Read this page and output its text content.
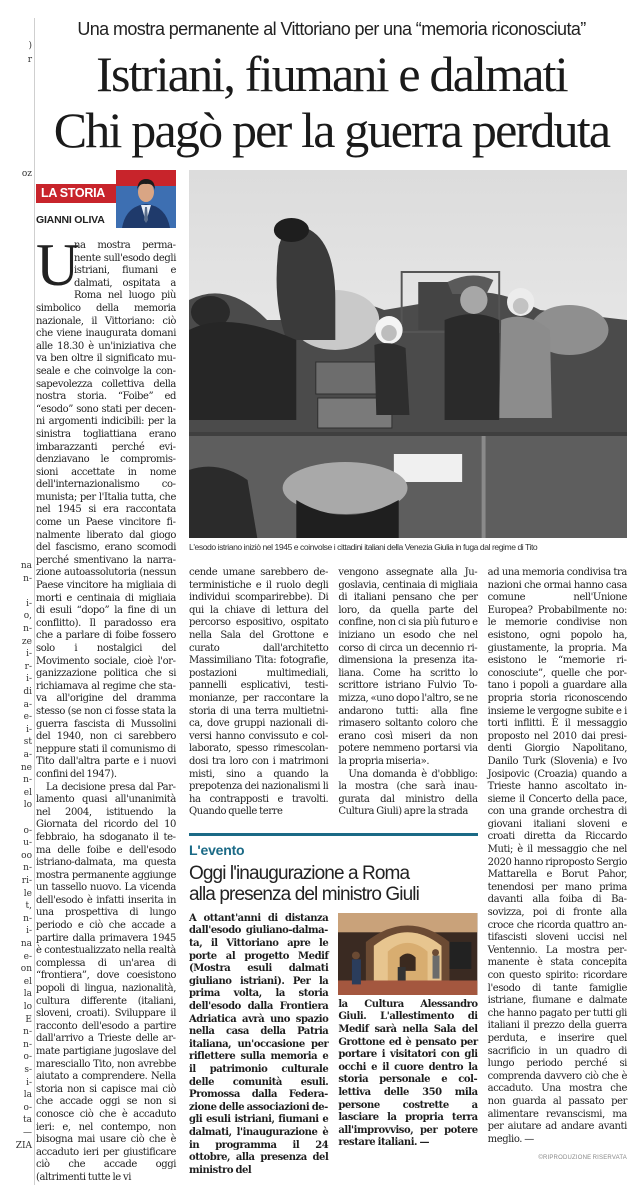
)
r
oz
na
n-
i-
o,
n-
ze
i-
r-
i-
di
a-
e-
i-
st
a-
ne
n-
el
lo
o-
u-
oo
n-
ri-
le
t,
n-
i-
na
e-
on
el
la
lo
E
n-
n-
o-
s-
i-
la
o-
ta
—
ZIA
Una mostra permanente al Vittoriano per una “memoria riconosciuta”
Istriani, fiumani e dalmati
Chi pagò per la guerra perduta
LA STORIA
GIANNI OLIVA
U

na mostra permanente sull'esodo degli istriani, fiumani e dalmati, ospitata a Roma nel luogo più simbolico della memoria nazionale, il Vittoriano: ciò che viene inaugurata domani alle 18.30 è un'iniziativa che va ben oltre il significato museale e che coinvolge la consapevolezza collettiva della nostra storia. “Foibe” ed “esodo” sono stati per decenni argomenti indicibili: per la sinistra togliattiana erano imbarazzanti perché evidenziavano le compromissioni accettate in nome dell'internazionalismo comunista; per l'Italia tutta, che nel 1945 si era raccontata come un Paese vincitore finalmente liberato dal giogo del fascismo, erano scomodi perché smentivano la narrazione autoassolutoria (nessun Paese vincitore ha migliaia di morti e centinaia di migliaia di esuli “dopo” la fine di un conflitto). Il paradosso era che a parlare di foibe fossero solo i nostalgici del Movimento sociale, cioè l'organizzazione politica che si richiamava al regime che stava all'origine del dramma stesso (se non ci fosse stata la guerra fascista di Mussolini del 1940, non ci sarebbero neppure stati il comunismo di Tito dall'altra parte e i nuovi confini del 1947).

La decisione presa dal Parlamento quasi all'unanimità nel 2004, istituendo la Giornata del ricordo del 10 febbraio, ha sdoganato il tema delle foibe e dell'esodo istriano-dalmata, ma questa mostra permanente aggiunge un tassello nuovo. La vicenda dell'esodo è infatti inserita in una prospettiva di lungo periodo e ciò che accade a partire dalla primavera 1945 è contestualizzato nella realtà complessa di un'area di “frontiera”, dove coesistono popoli di lingua, nazionalità, cultura differente (italiani, sloveni, croati). Sviluppare il racconto dell'esodo a partire dall'arrivo a Trieste delle armate partigiane jugoslave del maresciallo Tito, non avrebbe aiutato a comprendere. Nella storia non si capisce mai ciò che accade oggi se non si conosce ciò che è accaduto ieri: e, nel contempo, non bisogna mai usare ciò che è accaduto ieri per giustificare ciò che accade oggi (altrimenti tutte le vi

L'esodo istriano iniziò nel 1945 e coinvolse i cittadini italiani della Venezia Giulia in fuga dal regime di Tito

cende umane sarebbero deterministiche e il ruolo degli individui scomparirebbe). Di qui la chiave di lettura del percorso espositivo, ospitato nella Sala del Grottone e curato dall'architetto Massimiliano Tita: fotografie, postazioni multimediali, pannelli esplicativi, testimonianze, per raccontare la storia di una terra multietnica, dove gruppi nazionali diversi hanno convissuto e collaborato, spesso rimescolandosi tra loro con i matrimoni misti, sino a quando la prepotenza dei nazionalismi li ha contrapposti e travolti. Quando quelle terre

vengono assegnate alla Jugoslavia, centinaia di migliaia di italiani pensano che per loro, da quella parte del confine, non ci sia più futuro e iniziano un esodo che nel corso di circa un decennio ridimensiona la presenza italiana. Come ha scritto lo scrittore istriano Fulvio Tomizza, «uno dopo l'altro, se ne andarono tutti: alla fine rimasero soltanto coloro che erano così miseri da non potere nemmeno portarsi via la propria miseria».

Una domanda è d'obbligo: la mostra (che sarà inaugurata dal ministro della Cultura Giuli) apre la strada

ad una memoria condivisa tra nazioni che ormai hanno casa comune nell'Unione Europea? Probabilmente no: le memorie condivise non esistono, ogni popolo ha, giustamente, la propria. Ma esistono le “memorie riconosciute”, quelle che portano i popoli a guardare alla propria storia riconoscendo insieme le vergogne subite e i torti inflitti. È il messaggio proposto nel 2010 dai presidenti Giorgio Napolitano, Danilo Turk (Slovenia) e Ivo Josipovic (Croazia) quando a Trieste hanno ascoltato insieme il Concerto della pace, con una grande orchestra di giovani italiani sloveni e croati diretta da Riccardo Muti; è il messaggio che nel 2020 hanno riproposto Sergio Mattarella e Borut Pahor, tenendosi per mano prima davanti alla foiba di Basovizza, poi di fronte alla croce che ricorda quattro antifascisti sloveni uccisi nel Ventennio. La mostra permanente è stata concepita con questo spirito: ricordare l'esodo di tante famiglie istriane, fiumane e dalmate che hanno pagato per tutti gli italiani il prezzo della guerra perduta, e inserire quel sacrificio in un quadro di lungo periodo perché si comprenda davvero ciò che è accaduto. Una mostra che non guarda al passato per alimentare revanscismi, ma per aiutare ad andare avanti meglio. —

©RIPRODUZIONE RISERVATA
L'evento
Oggi l'inaugurazione a Roma
alla presenza del ministro Giuli

A ottant'anni di distanza dall'esodo giuliano-dalmata, il Vittoriano apre le porte al progetto Medif (Mostra esuli dalmati giuliano istriani). Per la prima volta, la storia dell'esodo dalla Frontiera Adriatica avrà uno spazio nella casa della Patria italiana, un'occasione per riflettere sulla memoria e il patrimonio culturale delle comunità esuli. Promossa dalla Federazione delle associazioni degli esuli istriani, fiumani e dalmati, l'inaugurazione è in programma il 24 ottobre, alla presenza del ministro del

la Cultura Alessandro Giuli. L'allestimento di Medif sarà nella Sala del Grottone ed è pensato per portare i visitatori con gli occhi e il cuore dentro la storia personale e collettiva delle 350 mila persone costrette a lasciare la propria terra all'improvviso, per potere restare italiani. —
